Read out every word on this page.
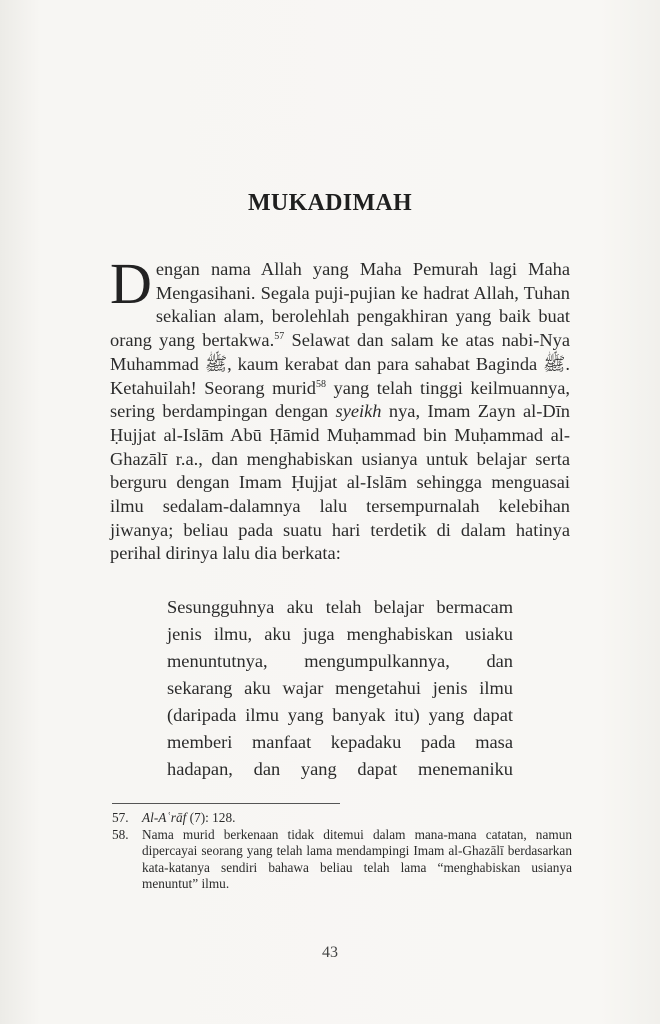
MUKADIMAH
Dengan nama Allah yang Maha Pemurah lagi Maha Mengasihani. Segala puji-pujian ke hadrat Allah, Tuhan sekalian alam, berolehlah pengakhiran yang baik buat orang yang bertakwa.$^{57}$ Selawat dan salam ke atas nabi-Nya Muhammad ﷺ, kaum kerabat dan para sahabat Baginda ﷺ. Ketahuilah! Seorang murid$^{58}$ yang telah tinggi keilmuannya, sering berdampingan dengan syeikh nya, Imam Zayn al-Dīn Ḥujjat al-Islām Abū Ḥāmid Muḥammad bin Muḥammad al-Ghazālī r.a., dan menghabiskan usianya untuk belajar serta berguru dengan Imam Ḥujjat al-Islām sehingga menguasai ilmu sedalam-dalamnya lalu tersempurnalah kelebihan jiwanya; beliau pada suatu hari terdetik di dalam hatinya perihal dirinya lalu dia berkata:
Sesungguhnya aku telah belajar bermacam jenis ilmu, aku juga menghabiskan usiaku menuntutnya, mengumpulkannya, dan sekarang aku wajar mengetahui jenis ilmu (daripada ilmu yang banyak itu) yang dapat memberi manfaat kepadaku pada masa hadapan, dan yang dapat menemaniku
57.	Al-Aʿrāf (7): 128.
58.	Nama murid berkenaan tidak ditemui dalam mana-mana catatan, namun dipercayai seorang yang telah lama mendampingi Imam al-Ghazālī berdasarkan kata-katanya sendiri bahawa beliau telah lama “menghabiskan usianya menuntut” ilmu.
43
